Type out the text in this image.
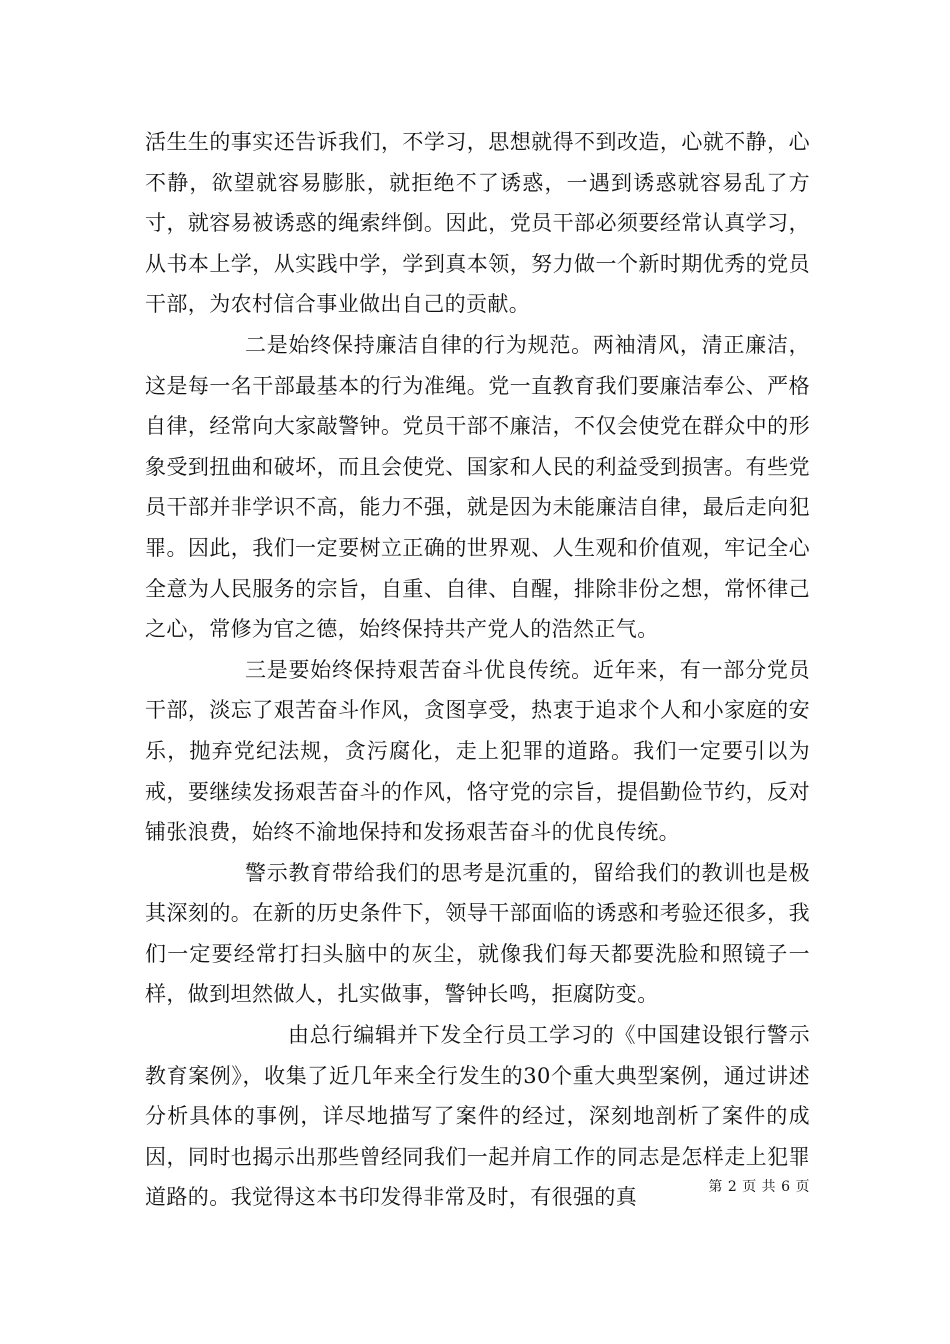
活生生的事实还告诉我们，不学习，思想就得不到改造，心就不静，心不静，欲望就容易膨胀，就拒绝不了诱惑，一遇到诱惑就容易乱了方寸，就容易被诱惑的绳索绊倒。因此，党员干部必须要经常认真学习，从书本上学，从实践中学，学到真本领，努力做一个新时期优秀的党员干部，为农村信合事业做出自己的贡献。

二是始终保持廉洁自律的行为规范。两袖清风，清正廉洁，这是每一名干部最基本的行为准绳。党一直教育我们要廉洁奉公、严格自律，经常向大家敲警钟。党员干部不廉洁，不仅会使党在群众中的形象受到扭曲和破坏，而且会使党、国家和人民的利益受到损害。有些党员干部并非学识不高，能力不强，就是因为未能廉洁自律，最后走向犯罪。因此，我们一定要树立正确的世界观、人生观和价值观，牢记全心全意为人民服务的宗旨，自重、自律、自醒，排除非份之想，常怀律己之心，常修为官之德，始终保持共产党人的浩然正气。

三是要始终保持艰苦奋斗优良传统。近年来，有一部分党员干部，淡忘了艰苦奋斗作风，贪图享受，热衷于追求个人和小家庭的安乐，抛弃党纪法规，贪污腐化，走上犯罪的道路。我们一定要引以为戒，要继续发扬艰苦奋斗的作风，恪守党的宗旨，提倡勤俭节约，反对铺张浪费，始终不渝地保持和发扬艰苦奋斗的优良传统。

警示教育带给我们的思考是沉重的，留给我们的教训也是极其深刻的。在新的历史条件下，领导干部面临的诱惑和考验还很多，我们一定要经常打扫头脑中的灰尘，就像我们每天都要洗脸和照镜子一样，做到坦然做人，扎实做事，警钟长鸣，拒腐防变。

由总行编辑并下发全行员工学习的《中国建设银行警示教育案例》，收集了近几年来全行发生的30个重大典型案例，通过讲述分析具体的事例，详尽地描写了案件的经过，深刻地剖析了案件的成因，同时也揭示出那些曾经同我们一起并肩工作的同志是怎样走上犯罪道路的。我觉得这本书印发得非常及时，有很强的真	第 2 页 共 6 页
